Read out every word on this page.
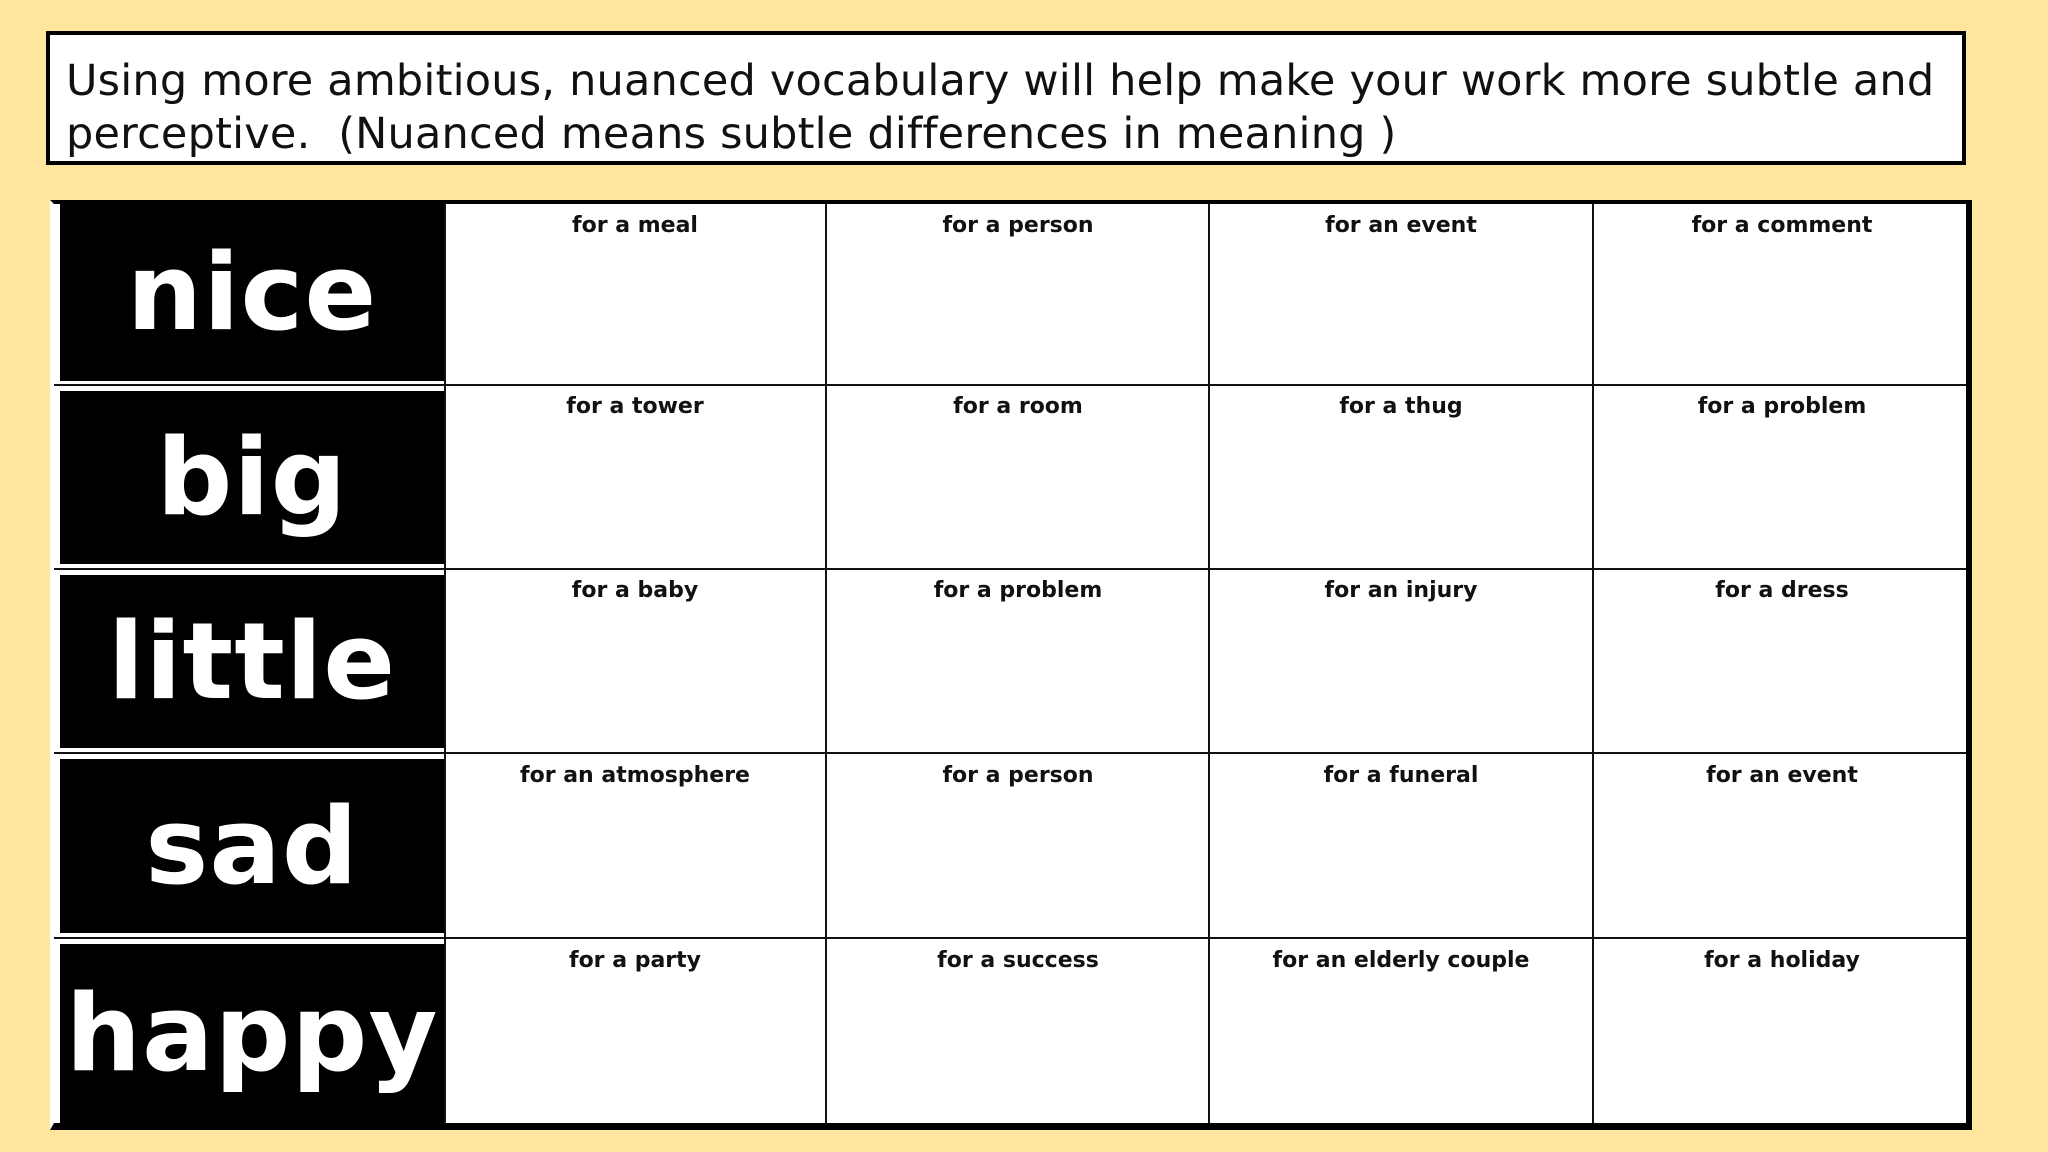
Using more ambitious, nuanced vocabulary will help make your work more subtle and
perceptive.  (Nuanced means subtle differences in meaning )
nice
for a meal	for a person	for an event	for a comment
big
for a tower	for a room	for a thug	for a problem
little
for a baby	for a problem	for an injury	for a dress
sad
for an atmosphere	for a person	for a funeral	for an event
happy
for a party	for a success	for an elderly couple	for a holiday
